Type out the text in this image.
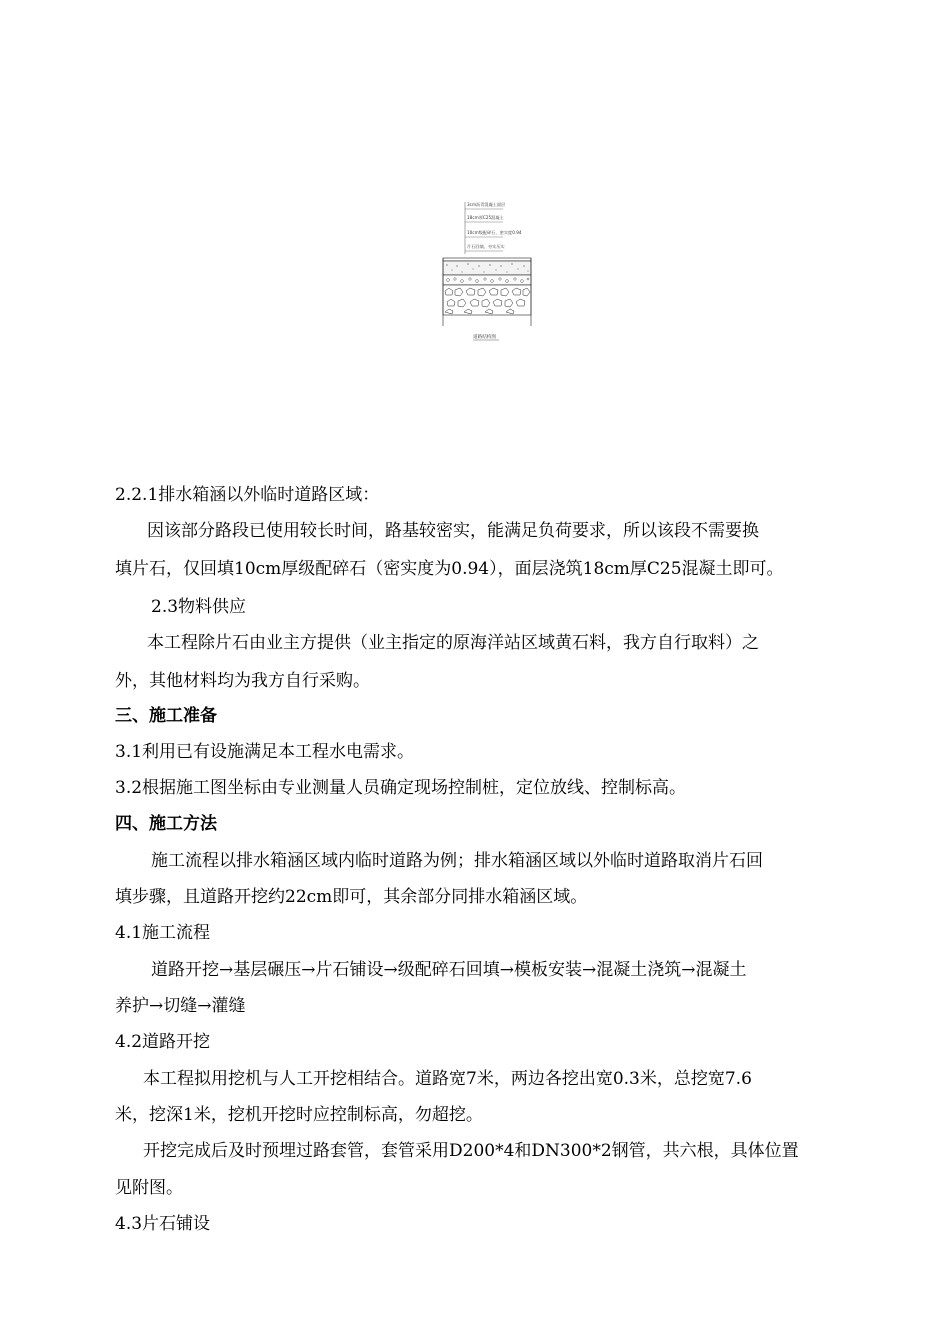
3cm沥青混凝土面层
18cm厚C25混凝土
10cm级配碎石、密实度0.94
片石回填、夯实压实
道路结构图
2.2.1排水箱涵以外临时道路区域：
因该部分路段已使用较长时间，路基较密实，能满足负荷要求，所以该段不需要换
填片石，仅回填10cm厚级配碎石（密实度为0.94），面层浇筑18cm厚C25混凝土即可。
2.3物料供应
本工程除片石由业主方提供（业主指定的原海洋站区域黄石料，我方自行取料）之
外，其他材料均为我方自行采购。
三、施工准备
3.1利用已有设施满足本工程水电需求。
3.2根据施工图坐标由专业测量人员确定现场控制桩，定位放线、控制标高。
四、施工方法
施工流程以排水箱涵区域内临时道路为例；排水箱涵区域以外临时道路取消片石回
填步骤，且道路开挖约22cm即可，其余部分同排水箱涵区域。
4.1施工流程
道路开挖→基层碾压→片石铺设→级配碎石回填→模板安装→混凝土浇筑→混凝土
养护→切缝→灌缝
4.2道路开挖
本工程拟用挖机与人工开挖相结合。道路宽7米，两边各挖出宽0.3米，总挖宽7.6
米，挖深1米，挖机开挖时应控制标高，勿超挖。
开挖完成后及时预埋过路套管，套管采用D200*4和DN300*2钢管，共六根，具体位置
见附图。
4.3片石铺设
